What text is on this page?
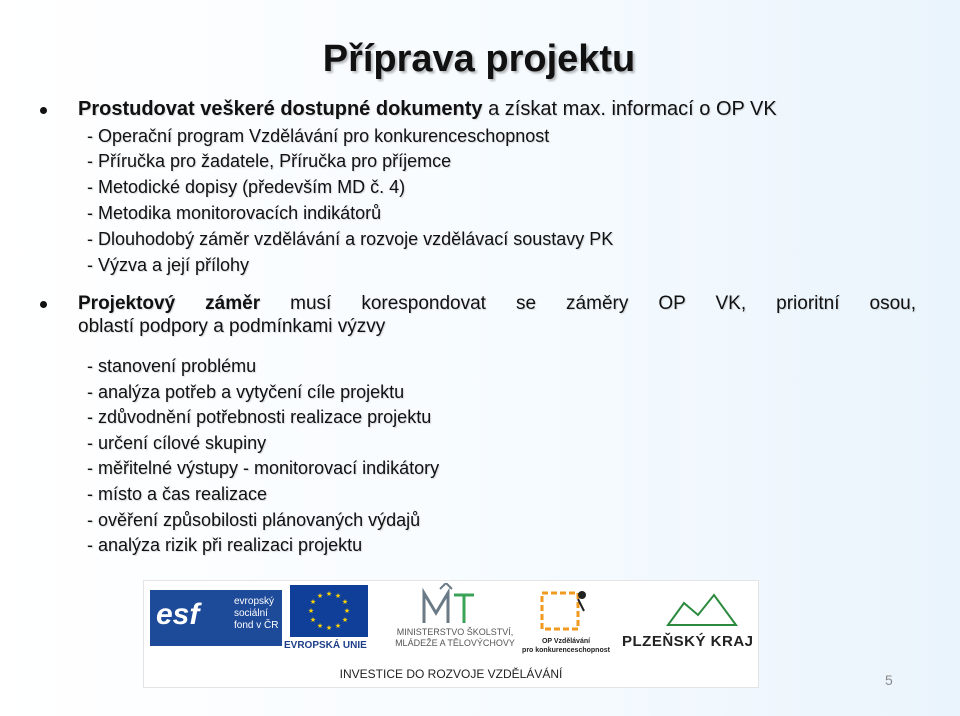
Příprava projektu
Prostudovat veškeré dostupné dokumenty a získat max. informací o OP VK
- Operační program Vzdělávání pro konkurenceschopnost
- Příručka pro žadatele, Příručka pro příjemce
- Metodické dopisy (především MD č. 4)
- Metodika monitorovacích indikátorů
- Dlouhodobý záměr vzdělávání a rozvoje vzdělávací soustavy PK
- Výzva a její přílohy
Projektový záměr musí korespondovat se záměry OP VK, prioritní osou,
oblastí podpory a podmínkami výzvy
- stanovení problému
- analýza potřeb a vytyčení cíle projektu
- zdůvodnění potřebnosti realizace projektu
- určení cílové skupiny
- měřitelné výstupy - monitorovací indikátory
- místo a čas realizace
- ověření způsobilosti plánovaných výdajů
- analýza rizik při realizaci projektu
esf	evropský
sociální
fond v ČR
★ ★
★
★
★
★
★
★
★
★
★
★
EVROPSKÁ UNIE
MINISTERSTVO ŠKOLSTVÍ,
MLÁDEŽE A TĚLOVÝCHOVY	OP Vzdělávání
pro konkurenceschopnost
PLZEŇSKÝ KRAJ
INVESTICE DO ROZVOJE VZDĚLÁVÁNÍ	5
